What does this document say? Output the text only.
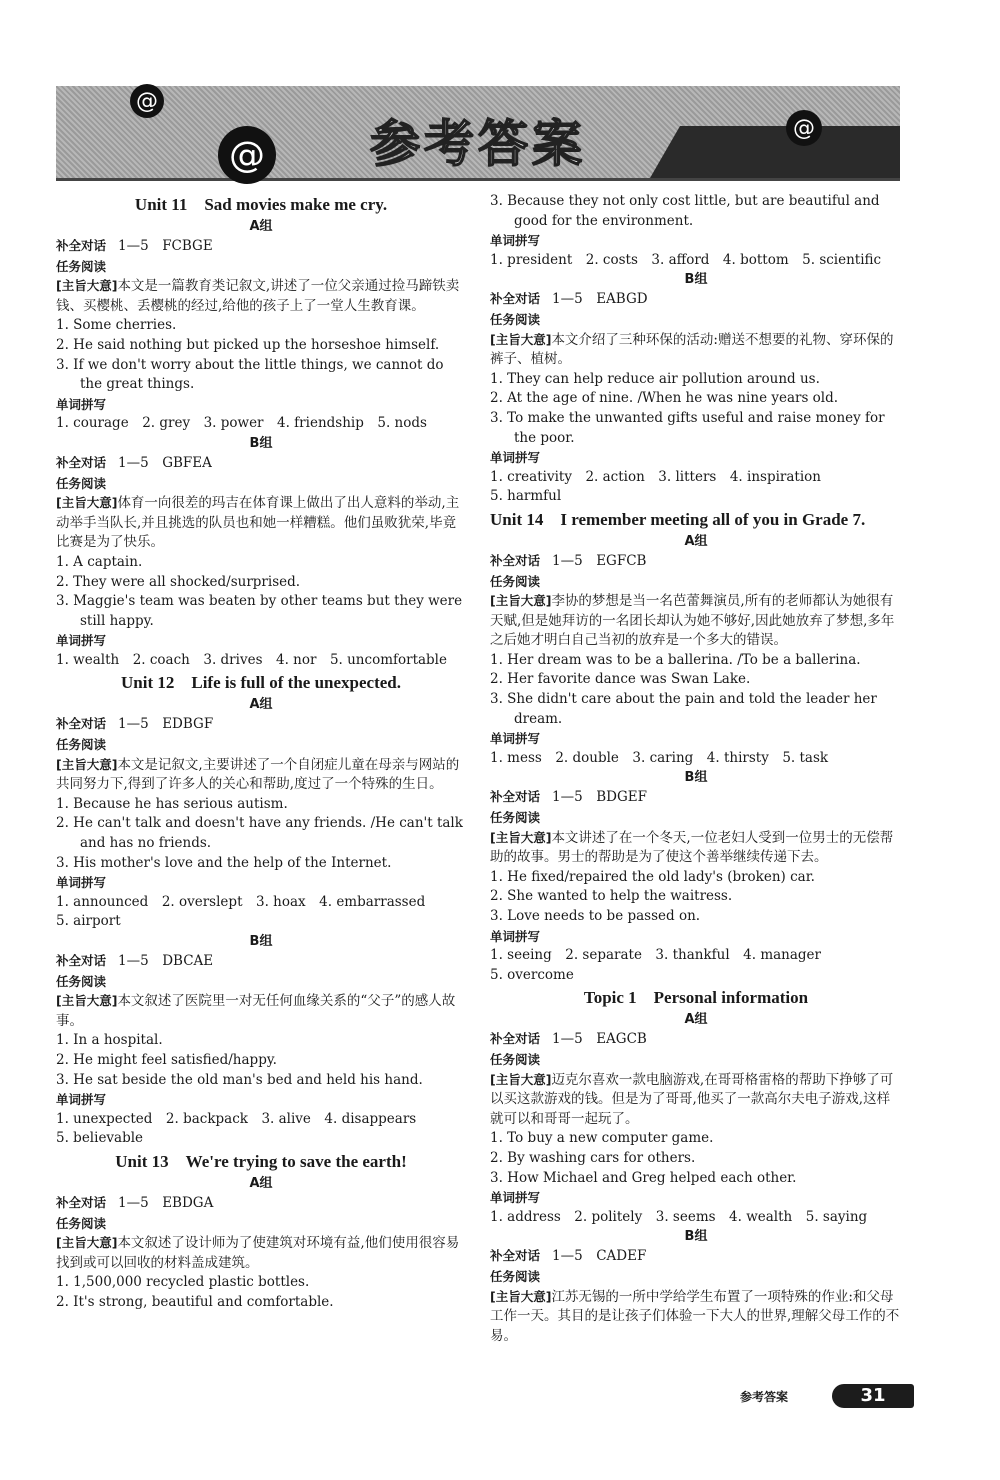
参考答案
@
@
@
Unit 11　Sad movies make me cry.
A组

补全对话 1—5　FCBGE

任务阅读

[主旨大意]本文是一篇教育类记叙文,讲述了一位父亲通过捡马蹄铁卖钱、买樱桃、丢樱桃的经过,给他的孩子上了一堂人生教育课。

1. Some cherries.

2. He said nothing but picked up the horseshoe himself.

3. If we don't worry about the little things, we cannot do the great things.

单词拼写

1. courage　2. grey　3. power　4. friendship　5. nods

B组

补全对话 1—5　GBFEA

任务阅读

[主旨大意]体育一向很差的玛吉在体育课上做出了出人意料的举动,主动举手当队长,并且挑选的队员也和她一样糟糕。他们虽败犹荣,毕竟比赛是为了快乐。

1. A captain.

2. They were all shocked/surprised.

3. Maggie's team was beaten by other teams but they were still happy.

单词拼写

1. wealth　2. coach　3. drives　4. nor　5. uncomfortable

Unit 12　Life is full of the unexpected.
A组

补全对话 1—5　EDBGF

任务阅读

[主旨大意]本文是记叙文,主要讲述了一个自闭症儿童在母亲与网站的共同努力下,得到了许多人的关心和帮助,度过了一个特殊的生日。

1. Because he has serious autism.

2. He can't talk and doesn't have any friends. /He can't talk and has no friends.

3. His mother's love and the help of the Internet.

单词拼写

1. announced　2. overslept　3. hoax　4. embarrassed

5. airport

B组

补全对话 1—5　DBCAE

任务阅读

[主旨大意]本文叙述了医院里一对无任何血缘关系的“父子”的感人故事。

1. In a hospital.

2. He might feel satisfied/happy.

3. He sat beside the old man's bed and held his hand.

单词拼写

1. unexpected　2. backpack　3. alive　4. disappears

5. believable

Unit 13　We're trying to save the earth!
A组

补全对话 1—5　EBDGA

任务阅读

[主旨大意]本文叙述了设计师为了使建筑对环境有益,他们使用很容易找到或可以回收的材料盖成建筑。

1. 1,500,000 recycled plastic bottles.

2. It's strong, beautiful and comfortable.

3. Because they not only cost little, but are beautiful and good for the environment.

单词拼写

1. president　2. costs　3. afford　4. bottom　5. scientific

B组

补全对话 1—5　EABGD

任务阅读

[主旨大意]本文介绍了三种环保的活动:赠送不想要的礼物、穿环保的裤子、植树。

1. They can help reduce air pollution around us.

2. At the age of nine. /When he was nine years old.

3. To make the unwanted gifts useful and raise money for the poor.

单词拼写

1. creativity　2. action　3. litters　4. inspiration

5. harmful

Unit 14　I remember meeting all of you in Grade 7.
A组

补全对话 1—5　EGFCB

任务阅读

[主旨大意]李协的梦想是当一名芭蕾舞演员,所有的老师都认为她很有天赋,但是她拜访的一名团长却认为她不够好,因此她放弃了梦想,多年之后她才明白自己当初的放弃是一个多大的错误。

1. Her dream was to be a ballerina. /To be a ballerina.

2. Her favorite dance was Swan Lake.

3. She didn't care about the pain and told the leader her dream.

单词拼写

1. mess　2. double　3. caring　4. thirsty　5. task

B组

补全对话 1—5　BDGEF

任务阅读

[主旨大意]本文讲述了在一个冬天,一位老妇人受到一位男士的无偿帮助的故事。男士的帮助是为了使这个善举继续传递下去。

1. He fixed/repaired the old lady's (broken) car.

2. She wanted to help the waitress.

3. Love needs to be passed on.

单词拼写

1. seeing　2. separate　3. thankful　4. manager

5. overcome

Topic 1　Personal information
A组

补全对话 1—5　EAGCB

任务阅读

[主旨大意]迈克尔喜欢一款电脑游戏,在哥哥格雷格的帮助下挣够了可以买这款游戏的钱。但是为了哥哥,他买了一款高尔夫电子游戏,这样就可以和哥哥一起玩了。

1. To buy a new computer game.

2. By washing cars for others.

3. How Michael and Greg helped each other.

单词拼写

1. address　2. politely　3. seems　4. wealth　5. saying

B组

补全对话 1—5　CADEF

任务阅读

[主旨大意]江苏无锡的一所中学给学生布置了一项特殊的作业:和父母工作一天。其目的是让孩子们体验一下大人的世界,理解父母工作的不易。

参考答案	31
